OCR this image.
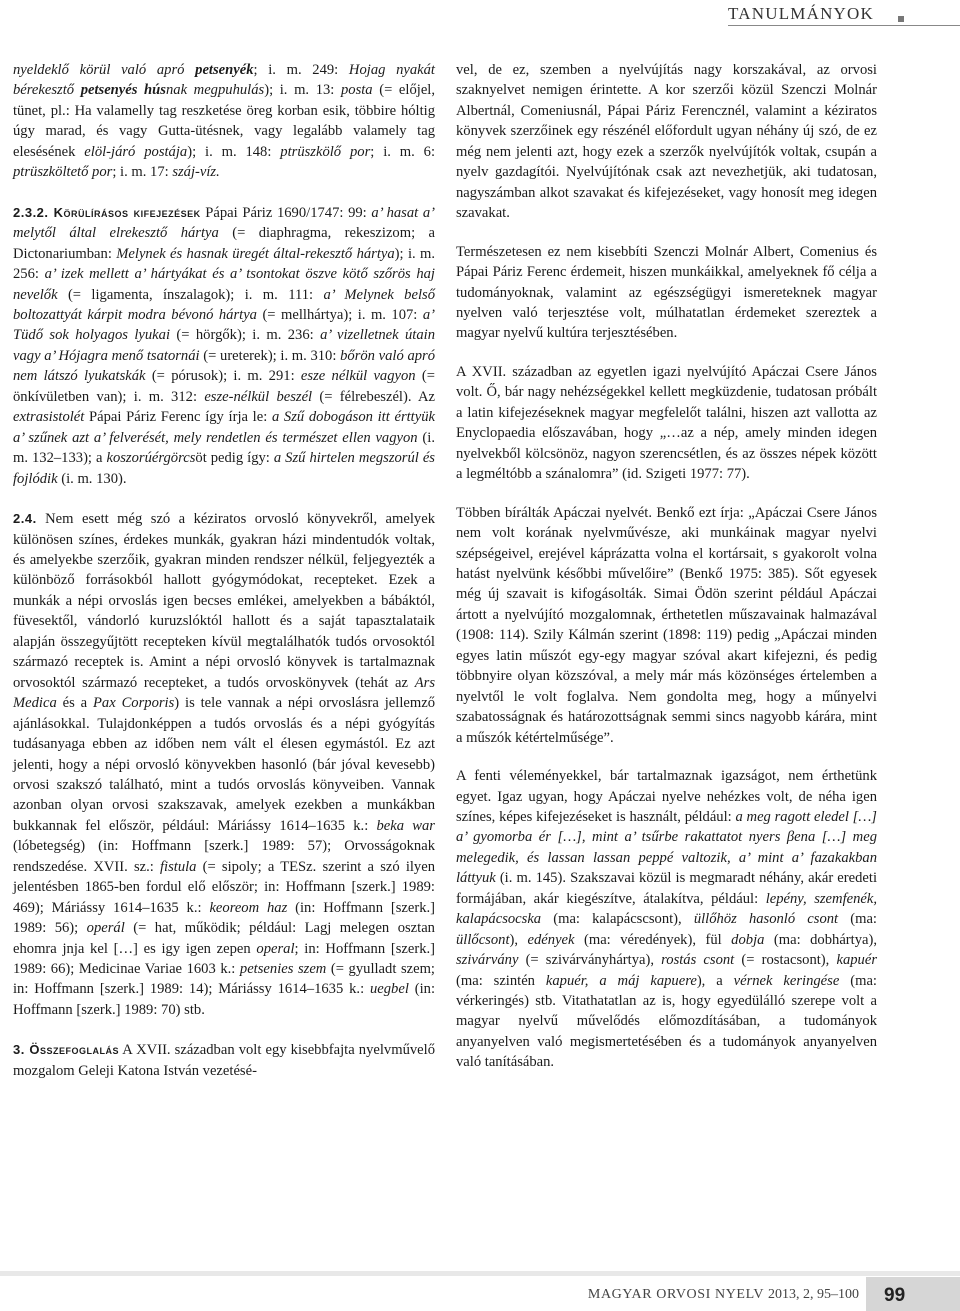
TANULMÁNYOK

nyeldeklő körül való apró petsenyék; i. m. 249: Hojag nyakát bérekesztő petsenyés húsnak megpuhulás); i. m. 13: posta (= előjel, tünet, pl.: Ha valamelly tag reszketése öreg korban esik, többire hóltig úgy marad, és vagy Gutta-ütésnek, vagy legalább valamely tag elesésének elöl-járó postája); i. m. 148: ptrüszkölő por; i. m. 6: ptrüszköltető por; i. m. 17: száj-víz.

2.3.2. Körülírásos kifejezések Pápai Páriz 1690/1747: 99: a’ hasat a’ melytől által elrekesztő hártya (= diaphragma, rekeszizom; a Dictonariumban: Melynek és hasnak üregét által-rekesztő hártya); i. m. 256: a’ izek mellett a’ hártyákat és a’ tsontokat öszve kötő szőrös haj nevelők (= ligamenta, ínszalagok); i. m. 111: a’ Melynek belső boltozattyát kárpit modra bévonó hártya (= mellhártya); i. m. 107: a’ Tüdő sok holyagos lyukai (= hörgők); i. m. 236: a’ vizelletnek útain vagy a’ Hójagra menő tsatornái (= ureterek); i. m. 310: bőrön való apró nem látszó lyukatskák (= pórusok); i. m. 291: esze nélkül vagyon (= önkívületben van); i. m. 312: esze-nélkül beszél (= félrebeszél). Az extrasistolét Pápai Páriz Ferenc így írja le: a Szű dobogáson itt érttyük a’ szűnek azt a’ felverését, mely rendetlen és természet ellen vagyon (i. m. 132–133); a koszorúérgörcsöt pedig így: a Szű hirtelen megszorúl és fojlódik (i. m. 130).

2.4. Nem esett még szó a kéziratos orvosló könyvekről, amelyek különösen színes, érdekes munkák, gyakran házi mindentudók voltak, és amelyekbe szerzőik, gyakran minden rendszer nélkül, feljegyezték a különböző forrásokból hallott gyógymódokat, recepteket. Ezek a munkák a népi orvoslás igen becses emlékei, amelyekben a bábáktól, füvesektől, vándorló kuruzslóktól hallott és a saját tapasztalataik alapján összegyűjtött recepteken kívül megtalálhatók tudós orvosoktól származó receptek is. Amint a népi orvosló könyvek is tartalmaznak orvosoktól származó recepteket, a tudós orvoskönyvek (tehát az Ars Medica és a Pax Corporis) is tele vannak a népi orvoslásra jellemző ajánlásokkal. Tulajdonképpen a tudós orvoslás és a népi gyógyítás tudásanyaga ebben az időben nem vált el élesen egymástól. Ez azt jelenti, hogy a népi orvosló könyvekben hasonló (bár jóval kevesebb) orvosi szakszó található, mint a tudós orvoslás könyveiben. Vannak azonban olyan orvosi szakszavak, amelyek ezekben a munkákban bukkannak fel először, például: Máriássy 1614–1635 k.: beka war (lóbetegség) (in: Hoffmann [szerk.] 1989: 57); Orvosságoknak rendszedése. XVII. sz.: fistula (= sipoly; a TESz. szerint a szó ilyen jelentésben 1865-ben fordul elő először; in: Hoffmann [szerk.] 1989: 469); Máriássy 1614–1635 k.: keoreom haz (in: Hoffmann [szerk.] 1989: 56); operál (= hat, működik; például: Lagj melegen osztan ehomra jnja kel […] es igy igen zepen operal; in: Hoffmann [szerk.] 1989: 66); Medicinae Variae 1603 k.: petsenies szem (= gyulladt szem; in: Hoffmann [szerk.] 1989: 14); Máriássy 1614–1635 k.: uegbel (in: Hoffmann [szerk.] 1989: 70) stb.

3. Összefoglalás A XVII. században volt egy kisebbfajta nyelvművelő mozgalom Geleji Katona István vezetésé-

vel, de ez, szemben a nyelvújítás nagy korszakával, az orvosi szaknyelvet nemigen érintette. A kor szerzői közül Szenczi Molnár Albertnál, Comeniusnál, Pápai Páriz Ferencznél, valamint a kéziratos könyvek szerzőinek egy részénél előfordult ugyan néhány új szó, de ez még nem jelenti azt, hogy ezek a szerzők nyelvújítók voltak, csupán a nyelv gazdagítói. Nyelvújítónak csak azt nevezhetjük, aki tudatosan, nagyszámban alkot szavakat és kifejezéseket, vagy honosít meg idegen szavakat.

Természetesen ez nem kisebbíti Szenczi Molnár Albert, Comenius és Pápai Páriz Ferenc érdemeit, hiszen munkáikkal, amelyeknek fő célja a tudományoknak, valamint az egészségügyi ismereteknek magyar nyelven való terjesztése volt, múlhatatlan érdemeket szereztek a magyar nyelvű kultúra terjesztésében.

A XVII. században az egyetlen igazi nyelvújító Apáczai Csere János volt. Ő, bár nagy nehézségekkel kellett megküzdenie, tudatosan próbált a latin kifejezéseknek magyar megfelelőt találni, hiszen azt vallotta az Enyclopaedia előszavában, hogy „…az a nép, amely minden idegen nyelvekből kölcsönöz, nagyon szerencsétlen, és az összes népek között a legméltóbb a szánalomra” (id. Szigeti 1977: 77).

Többen bírálták Apáczai nyelvét. Benkő ezt írja: „Apáczai Csere János nem volt korának nyelvművésze, aki munkáinak magyar nyelvi szépségeivel, erejével káprázatta volna el kortársait, s gyakorolt volna hatást nyelvünk későbbi művelőire” (Benkő 1975: 385). Sőt egyesek még új szavait is kifogásolták. Simai Ödön szerint például Apáczai ártott a nyelvújító mozgalomnak, érthetetlen műszavainak halmazával (1908: 114). Szily Kálmán szerint (1898: 119) pedig „Apáczai minden egyes latin műszót egy-egy magyar szóval akart kifejezni, és pedig többnyire olyan közszóval, a mely már más közönséges értelemben a nyelvtől le volt foglalva. Nem gondolta meg, hogy a műnyelvi szabatosságnak és határozottságnak semmi sincs nagyobb kárára, mint a műszók kétértelműsége”.

A fenti véleményekkel, bár tartalmaznak igazságot, nem érthetünk egyet. Igaz ugyan, hogy Apáczai nyelve nehézkes volt, de néha igen színes, képes kifejezéseket is használt, például: a meg ragott eledel […] a’ gyomorba ér […], mint a’ tsűrbe rakattatot nyers βena […] meg melegedik, és lassan lassan peppé valtozik, a’ mint a’ fazakakban láttyuk (i. m. 145). Szakszavai közül is megmaradt néhány, akár eredeti formájában, akár kiegészítve, átalakítva, például: lepény, szemfenék, kalapácsocska (ma: kalapácscsont), üllőhöz hasonló csont (ma: üllőcsont), edények (ma: véredények), fül dobja (ma: dobhártya), szivárvány (= szivárványhártya), rostás csont (= rostacsont), kapuér (ma: szintén kapuér, a máj kapuere), a vérnek keringése (ma: vérkeringés) stb. Vitathatatlan az is, hogy egyedülálló szerepe volt a magyar nyelvű művelődés előmozdításában, a tudományok anyanyelven való megismertetésében és a tudományok anyanyelven való tanításában.

MAGYAR ORVOSI NYELV 2013, 2, 95–100 99
